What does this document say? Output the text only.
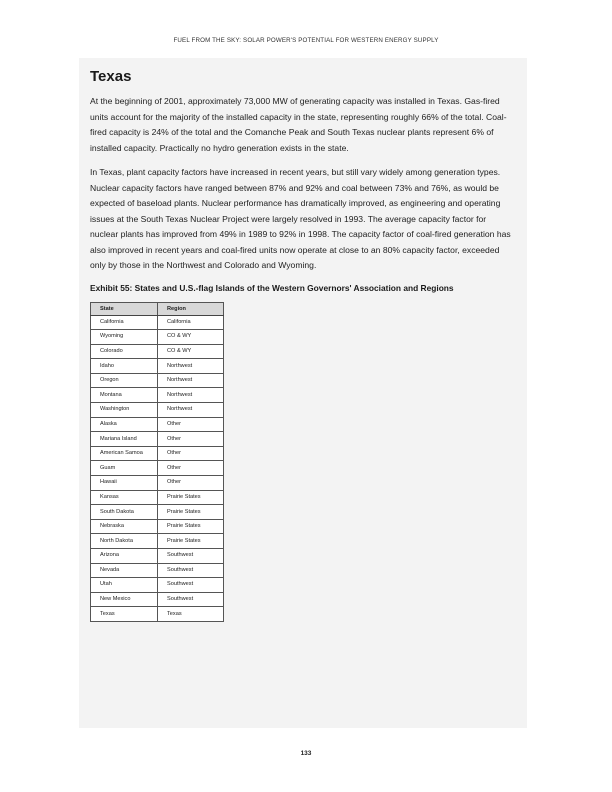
FUEL FROM THE SKY: SOLAR POWER'S POTENTIAL FOR WESTERN ENERGY SUPPLY
Texas

At the beginning of 2001, approximately 73,000 MW of generating capacity was installed in Texas. Gas-fired units account for the majority of the installed capacity in the state, representing roughly 66% of the total. Coal-fired capacity is 24% of the total and the Comanche Peak and South Texas nuclear plants represent 6% of installed capacity. Practically no hydro generation exists in the state.

In Texas, plant capacity factors have increased in recent years, but still vary widely among generation types. Nuclear capacity factors have ranged between 87% and 92% and coal between 73% and 76%, as would be expected of baseload plants. Nuclear performance has dramatically improved, as engineering and operating issues at the South Texas Nuclear Project were largely resolved in 1993. The average capacity factor for nuclear plants has improved from 49% in 1989 to 92% in 1998. The capacity factor of coal-fired generation has also improved in recent years and coal-fired units now operate at close to an 80% capacity factor, exceeded only by those in the Northwest and Colorado and Wyoming.

Exhibit 55: States and U.S.-flag Islands of the Western Governors' Association and Regions
State	Region
California	California
Wyoming	CO & WY
Colorado	CO & WY
Idaho	Northwest
Oregon	Northwest
Montana	Northwest
Washington	Northwest
Alaska	Other
Mariana Island	Other
American Samoa	Other
Guam	Other
Hawaii	Other
Kansas	Prairie States
South Dakota	Prairie States
Nebraska	Prairie States
North Dakota	Prairie States
Arizona	Southwest
Nevada	Southwest
Utah	Southwest
New Mexico	Southwest
Texas	Texas
133
